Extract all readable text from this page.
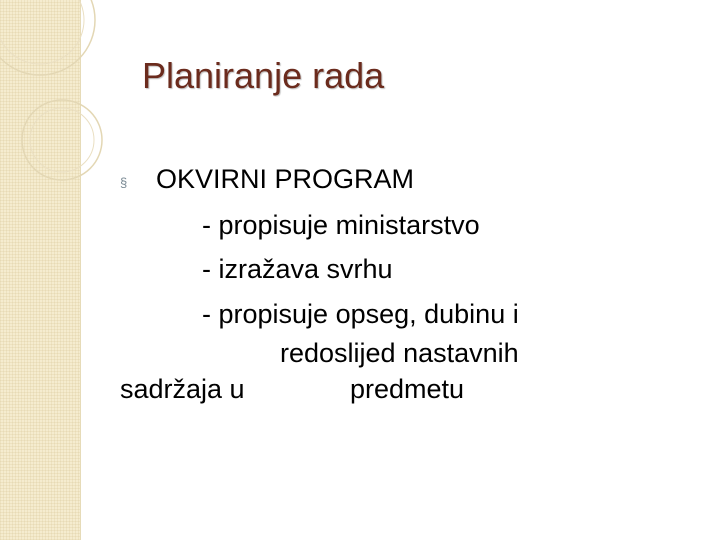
Planiranje rada
§ OKVIRNI PROGRAM
- propisuje ministarstvo
- izražava svrhu
- propisuje opseg, dubinu i
redoslijed nastavnih
sadržaja u	predmetu
